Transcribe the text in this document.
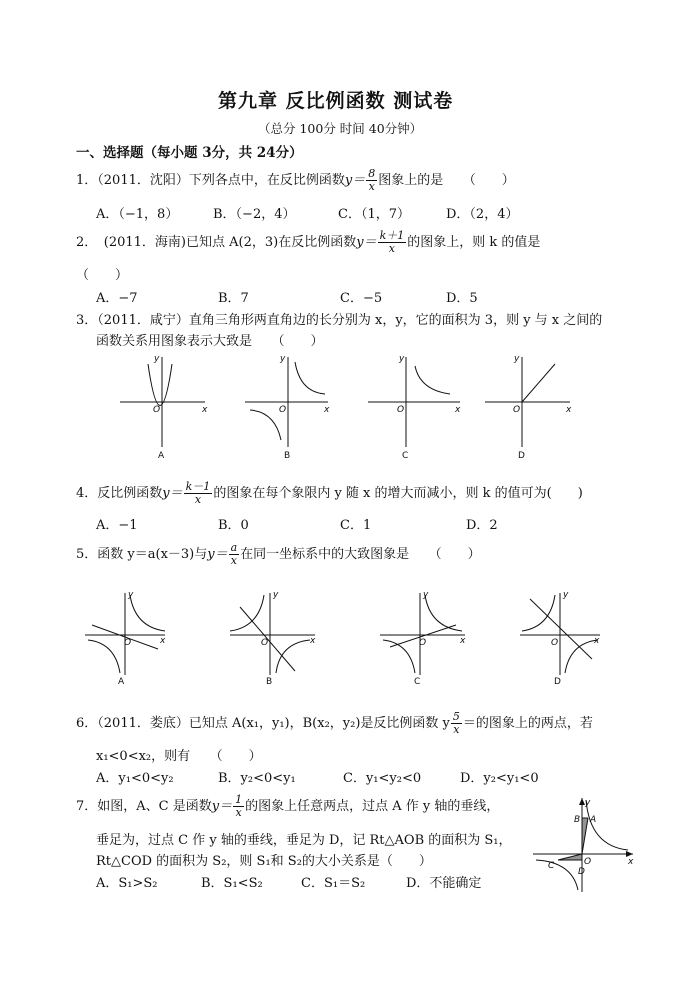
第九章 反比例函数 测试卷
（总分 100分 时间 40分钟）
一、选择题（每小题 3分，共 24分）
1．（2011．沈阳）下列各点中，在反比例函数$y= \frac{8}{x}$ 图象上的是　　（　　）
A．（−1，8）	B．（−2，4）	C．（1，7）	D．（2，4）
2．　(2011．海南)已知点 A(2，3)在反比例函数$y= \frac{k+1}{x}$ 的图象上，则 k 的值是
（　　）
A．−7	B．7	C．−5	D．5
3．（2011．咸宁）直角三角形两直角边的长分别为 x，y，它的面积为 3，则 y 与 x 之间的
函数关系用图象表示大致是　　（　　）
y
x
O
y
x
O
y
x
O
y
x
O
A	B	C	D
4．反比例函数$y= \frac{k-1}{x}$ 的图象在每个象限内 y 随 x 的增大而减小，则 k 的值可为(　　)
A．−1	B．0	C．1	D．2
5．函数 y＝a(x－3)与$y= \frac{a}{x}$ 在同一坐标系中的大致图象是　　（　　）
y
x
O
y
x
O
y
x
O
y
x
O
A	B	C	D
6．（2011．娄底）已知点 A(x₁，y₁)，B(x₂，y₂)是反比例函数 y $\frac{5}{x}$ ＝的图象上的两点，若
x₁<0<x₂，则有　　（　　）
A．y₁<0<y₂	B．y₂<0<y₁	C．y₁<y₂<0	D．y₂<y₁<0
7．如图，A、C 是函数$y= \frac{1}{x}$ 的图象上任意两点，过点 A 作 y 轴的垂线，
垂足为，过点 C 作 y 轴的垂线，垂足为 D，记 Rt△AOB 的面积为 S₁，
Rt△COD 的面积为 S₂，则 S₁和 S₂的大小关系是（　　）
A．S₁>S₂	B．S₁<S₂	C．S₁＝S₂	D．不能确定
y
x
B A
O
C
D
